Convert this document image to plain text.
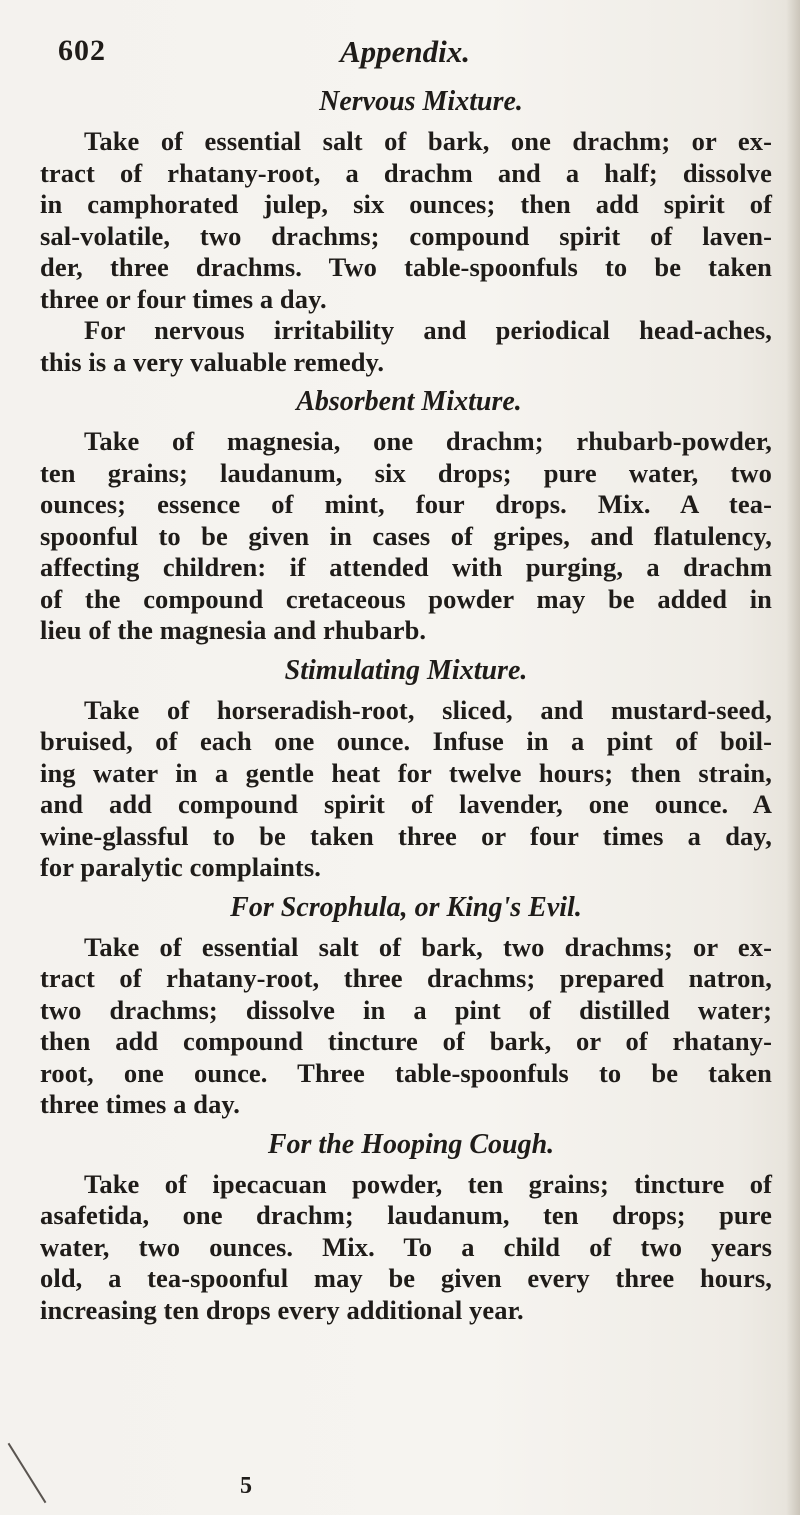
602	Appendix.

Nervous Mixture.

Take of essential salt of bark, one drachm; or ex-
tract of rhatany-root, a drachm and a half; dissolve
in camphorated julep, six ounces; then add spirit of
sal-volatile, two drachms; compound spirit of laven-
der, three drachms. Two table-spoonfuls to be taken
three or four times a day.
For nervous irritability and periodical head-aches,
this is a very valuable remedy.

Absorbent Mixture.

Take of magnesia, one drachm; rhubarb-powder,
ten grains; laudanum, six drops; pure water, two
ounces; essence of mint, four drops. Mix. A tea-
spoonful to be given in cases of gripes, and flatulency,
affecting children: if attended with purging, a drachm
of the compound cretaceous powder may be added in
lieu of the magnesia and rhubarb.

Stimulating Mixture.

Take of horseradish-root, sliced, and mustard-seed,
bruised, of each one ounce. Infuse in a pint of boil-
ing water in a gentle heat for twelve hours; then strain,
and add compound spirit of lavender, one ounce. A
wine-glassful to be taken three or four times a day,
for paralytic complaints.

For Scrophula, or King's Evil.

Take of essential salt of bark, two drachms; or ex-
tract of rhatany-root, three drachms; prepared natron,
two drachms; dissolve in a pint of distilled water;
then add compound tincture of bark, or of rhatany-
root, one ounce. Three table-spoonfuls to be taken
three times a day.

For the Hooping Cough.

Take of ipecacuan powder, ten grains; tincture of
asafetida, one drachm; laudanum, ten drops; pure
water, two ounces. Mix. To a child of two years
old, a tea-spoonful may be given every three hours,
increasing ten drops every additional year.
5
